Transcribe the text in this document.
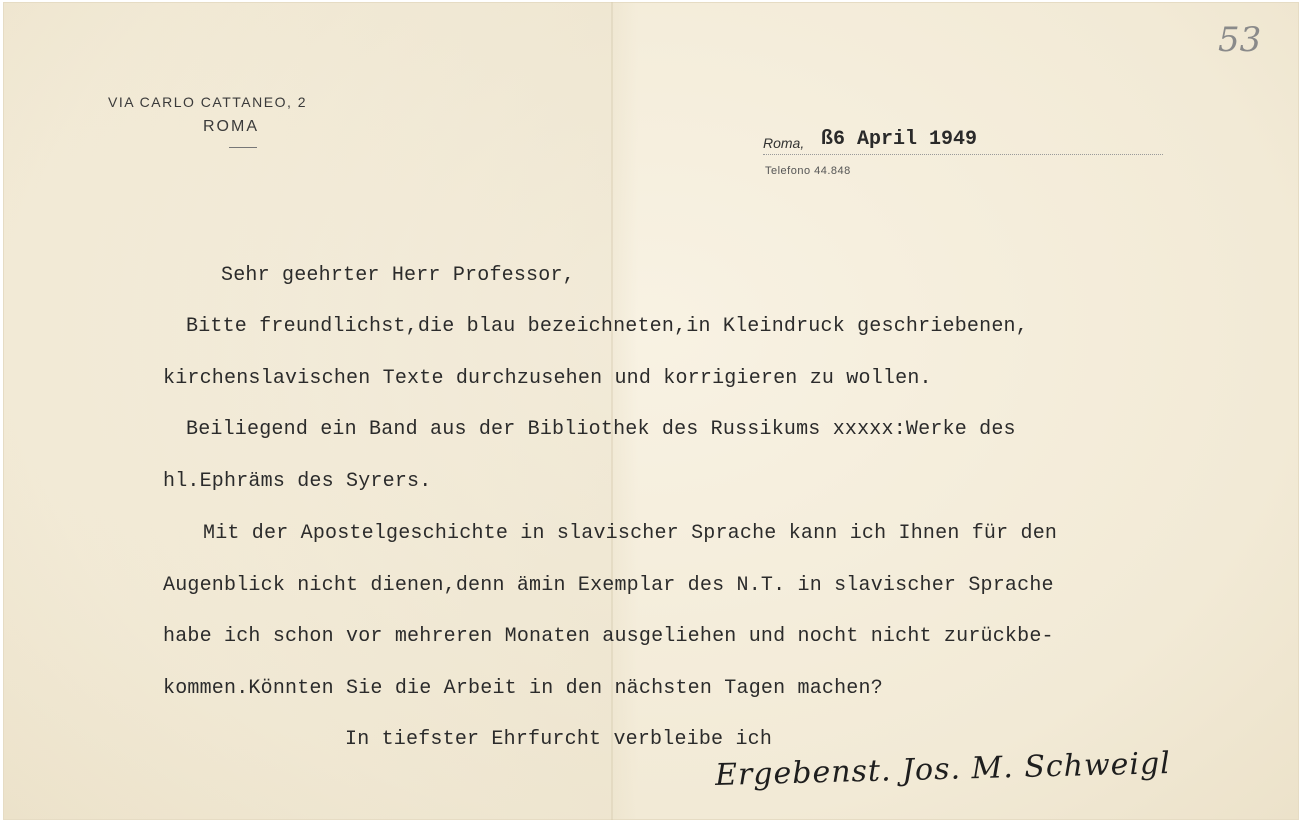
53
VIA CARLO CATTANEO, 2
ROMA
Roma, ß6 April 1949
Telefono 44.848
Sehr geehrter Herr Professor,
Bitte freundlichst,die blau bezeichneten,in Kleindruck geschriebenen,
kirchenslavischen Texte durchzusehen und korrigieren zu wollen.
Beiliegend ein Band aus der Bibliothek des Russikums xxxxx:Werke des
hl.Ephräms des Syrers.
Mit der Apostelgeschichte in slavischer Sprache kann ich Ihnen für den
Augenblick nicht dienen,denn ämin Exemplar des N.T. in slavischer Sprache
habe ich schon vor mehreren Monaten ausgeliehen und nocht nicht zurückbe-
kommen.Könnten Sie die Arbeit in den nächsten Tagen machen?
In tiefster Ehrfurcht verbleibe ich
Ergebenst. Jos. M. Schweigl
